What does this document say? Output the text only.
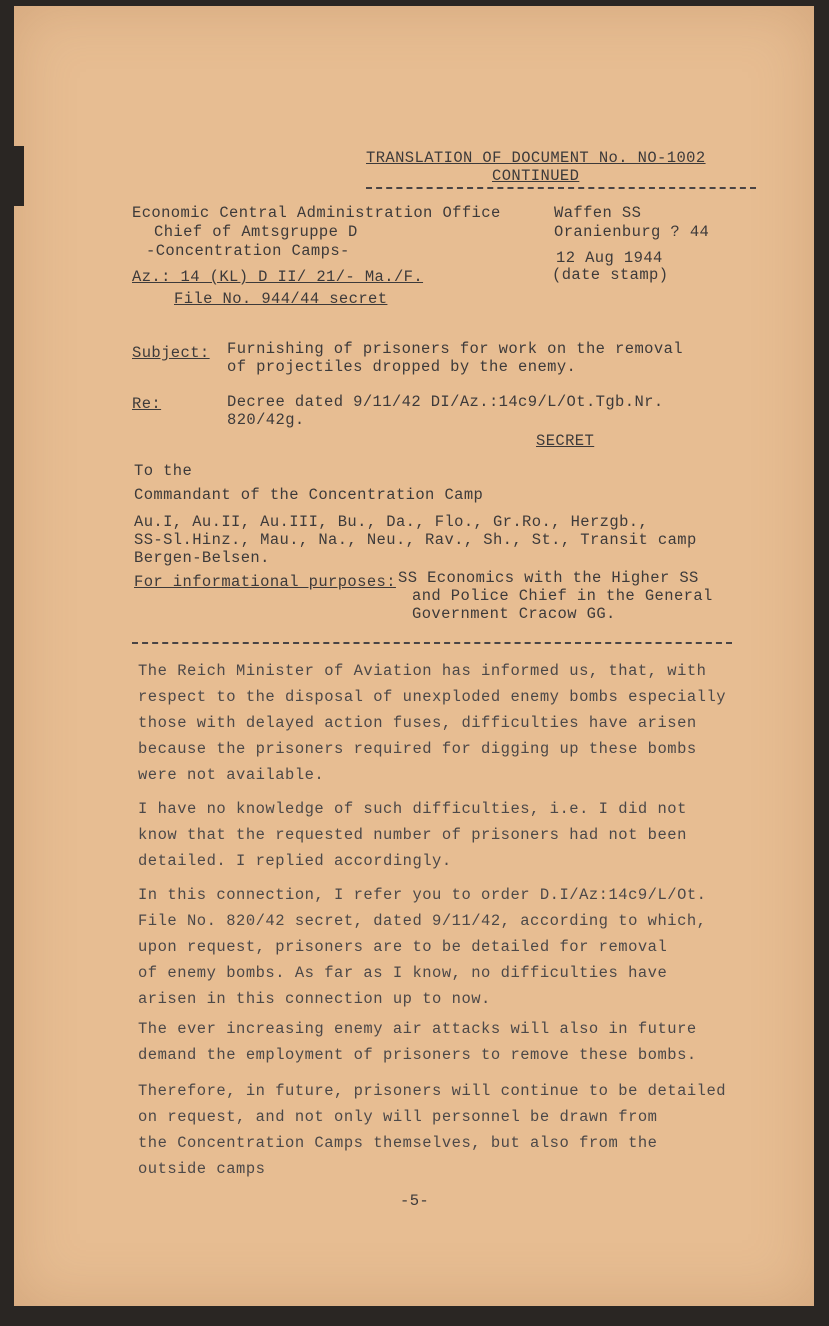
TRANSLATION OF DOCUMENT No. NO-1002
CONTINUED
Economic Central Administration Office
Chief of Amtsgruppe D
-Concentration Camps-
Az.: 14 (KL) D II/ 21/- Ma./F.
File No. 944/44 secret
Waffen SS
Oranienburg ? 44
12 Aug 1944
(date stamp)
Subject: Furnishing of prisoners for work on the removal
of projectiles dropped by the enemy.
Re:	Decree dated 9/11/42 DI/Az.:14c9/L/Ot.Tgb.Nr.
820/42g.
SECRET
To the
Commandant of the Concentration Camp
Au.I, Au.II, Au.III, Bu., Da., Flo., Gr.Ro., Herzgb.,
SS-Sl.Hinz., Mau., Na., Neu., Rav., Sh., St., Transit camp
Bergen-Belsen.
For informational purposes: SS Economics with the Higher SS
and Police Chief in the General
Government Cracow GG.
The Reich Minister of Aviation has informed us, that, with
respect to the disposal of unexploded enemy bombs especially
those with delayed action fuses, difficulties have arisen
because the prisoners required for digging up these bombs
were not available.
I have no knowledge of such difficulties, i.e. I did not
know that the requested number of prisoners had not been
detailed. I replied accordingly.
In this connection, I refer you to order D.I/Az:14c9/L/Ot.
File No. 820/42 secret, dated 9/11/42, according to which,
upon request, prisoners are to be detailed for removal
of enemy bombs. As far as I know, no difficulties have
arisen in this connection up to now.
The ever increasing enemy air attacks will also in future
demand the employment of prisoners to remove these bombs.
Therefore, in future, prisoners will continue to be detailed
on request, and not only will personnel be drawn from
the Concentration Camps themselves, but also from the
outside camps
-5-
